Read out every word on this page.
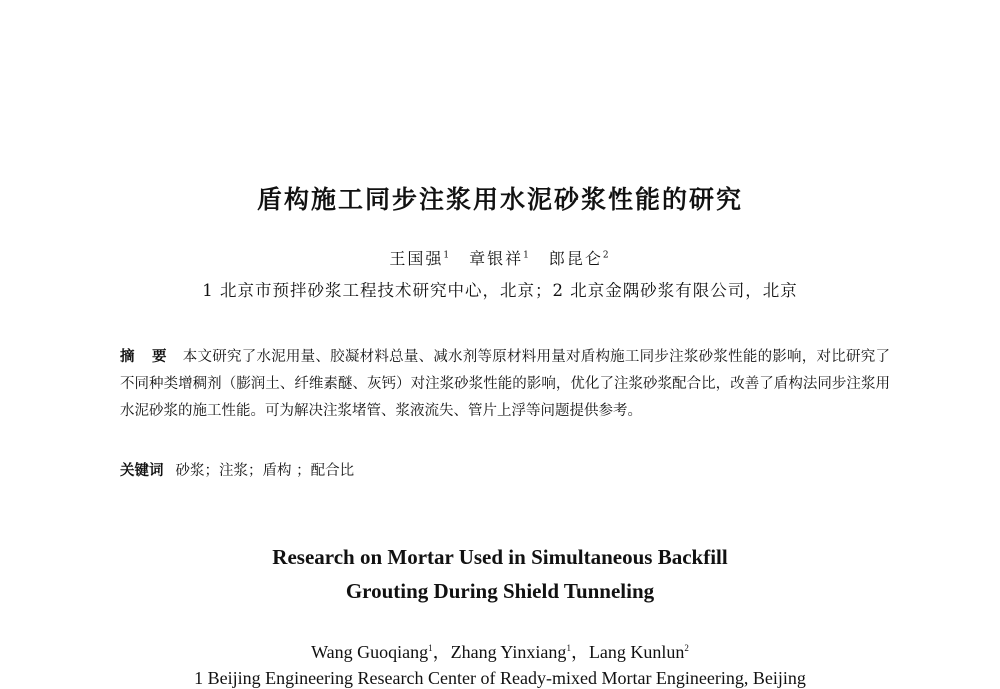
盾构施工同步注浆用水泥砂浆性能的研究
王国强$^1$  章银祥$^1$  郎昆仑$^2$
1 北京市预拌砂浆工程技术研究中心，北京；2 北京金隅砂浆有限公司，北京
摘 要 本文研究了水泥用量、胶凝材料总量、减水剂等原材料用量对盾构施工同步注浆砂浆性能的影响，对比研究了不同种类增稠剂（膨润土、纤维素醚、灰钙）对注浆砂浆性能的影响，优化了注浆砂浆配合比，改善了盾构法同步注浆用水泥砂浆的施工性能。可为解决注浆堵管、浆液流失、管片上浮等问题提供参考。
关键词 砂浆；注浆；盾构 ；配合比
Research on Mortar Used in Simultaneous Backfill
Grouting During Shield Tunneling
Wang Guoqiang$^1$，Zhang Yinxiang$^1$，Lang Kunlun$^2$
1 Beijing Engineering Research Center of Ready-mixed Mortar Engineering, Beijing
